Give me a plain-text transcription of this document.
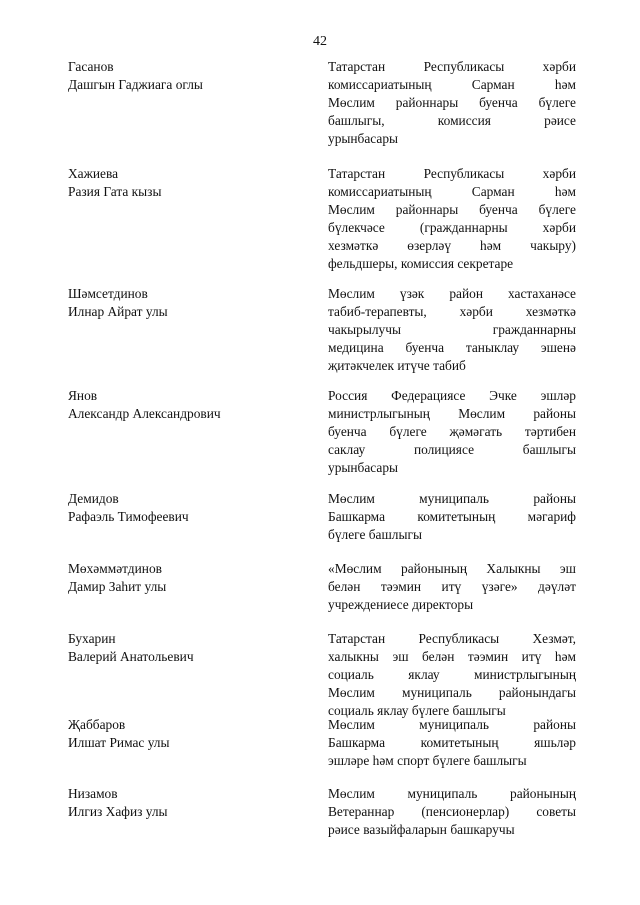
42
Гасанов
Дашгын Гаджиага оглы
Татарстан Республикасы хәрби
комиссариатының Сарман һәм
Мөслим районнары буенча бүлеге
башлыгы, комиссия рәисе
урынбасары
Хажиева
Разия Гата кызы
Татарстан Республикасы хәрби
комиссариатының Сарман һәм
Мөслим районнары буенча бүлеге
бүлекчәсе (гражданнарны хәрби
хезмәткә өзерләү һәм чакыру)
фельдшеры, комиссия секретаре
Шәмсетдинов
Илнар Айрат улы
Мөслим үзәк район хастаханәсе
табиб-терапевты, хәрби хезмәткә
чакырылучы гражданнарны
медицина буенча таныклау эшенә
җитәкчелек итүче табиб
Янов
Александр Александрович
Россия Федерациясе Эчке эшләр
министрлыгының Мөслим районы
буенча бүлеге җәмәгать тәртибен
саклау полициясе башлыгы
урынбасары
Демидов
Рафаэль Тимофеевич
Мөслим муниципаль районы
Башкарма комитетының мәгариф
бүлеге башлыгы
Мөхәммәтдинов
Дамир Заһит улы
«Мөслим районының Халыкны эш
белән тәэмин итү үзәге» дәүләт
учреждениесе директоры
Бухарин
Валерий Анатольевич
Татарстан Республикасы Хезмәт,
халыкны эш белән тәэмин итү һәм
социаль яклау министрлыгының
Мөслим муниципаль районындагы
социаль яклау бүлеге башлыгы
Җаббаров
Илшат Римас улы
Мөслим муниципаль районы
Башкарма комитетының яшьләр
эшләре һәм спорт бүлеге башлыгы
Низамов
Илгиз Хафиз улы
Мөслим муниципаль районының
Ветераннар (пенсионерлар) советы
рәисе вазыйфаларын башкаручы
